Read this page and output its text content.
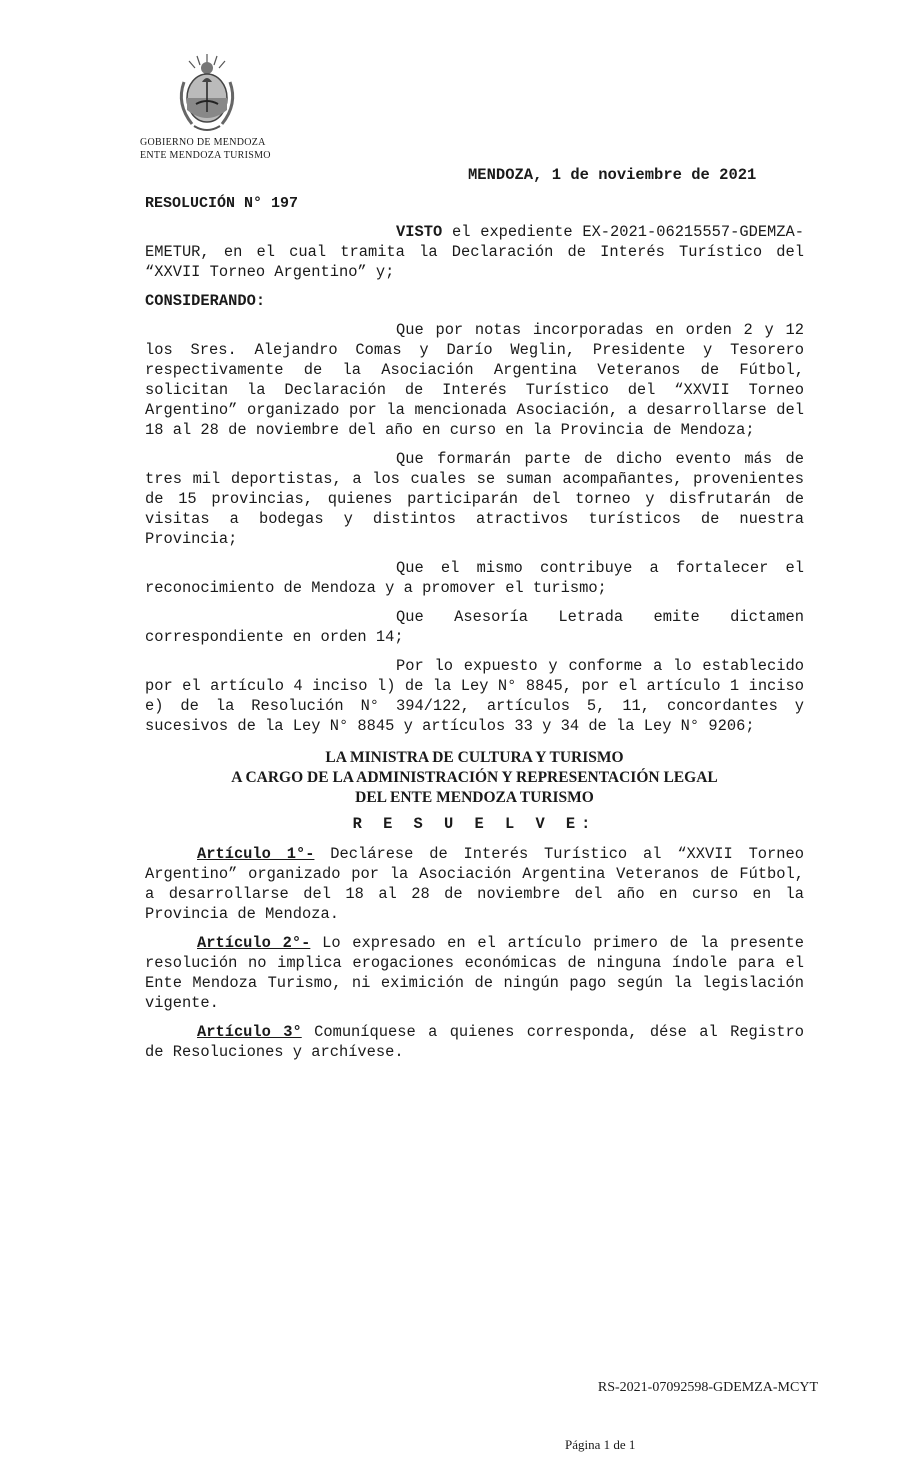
GOBIERNO DE MENDOZA
ENTE MENDOZA TURISMO
MENDOZA, 1 de noviembre de 2021
RESOLUCIÓN N° 197

VISTO el expediente EX-2021-06215557-GDEMZA-EMETUR, en el cual tramita la Declaración de Interés Turístico del “XXVII Torneo Argentino” y;

CONSIDERANDO:

Que por notas incorporadas en orden 2 y 12 los Sres. Alejandro Comas y Darío Weglin, Presidente y Tesorero respectivamente de la Asociación Argentina Veteranos de Fútbol, solicitan la Declaración de Interés Turístico del “XXVII Torneo Argentino” organizado por la mencionada Asociación, a desarrollarse del 18 al 28 de noviembre del año en curso en la Provincia de Mendoza;

Que formarán parte de dicho evento más de tres mil deportistas, a los cuales se suman acompañantes, provenientes de 15 provincias, quienes participarán del torneo y disfrutarán de visitas a bodegas y distintos atractivos turísticos de nuestra Provincia;

Que el mismo contribuye a fortalecer el reconocimiento de Mendoza y a promover el turismo;

Que Asesoría Letrada emite dictamen correspondiente en orden 14;

Por lo expuesto y conforme a lo establecido por el artículo 4 inciso l) de la Ley N° 8845, por el artículo 1 inciso e) de la Resolución N° 394/122, artículos 5, 11, concordantes y sucesivos de la Ley N° 8845 y artículos 33 y 34 de la Ley N° 9206;

LA MINISTRA DE CULTURA Y TURISMO
A CARGO DE LA ADMINISTRACIÓN Y REPRESENTACIÓN LEGAL
DEL ENTE MENDOZA TURISMO
R E S U E L V E:

Artículo 1°- Declárese de Interés Turístico al “XXVII Torneo Argentino” organizado por la Asociación Argentina Veteranos de Fútbol, a desarrollarse del 18 al 28 de noviembre del año en curso en la Provincia de Mendoza.

Artículo 2°- Lo expresado en el artículo primero de la presente resolución no implica erogaciones económicas de ninguna índole para el Ente Mendoza Turismo, ni eximición de ningún pago según la legislación vigente.

Artículo 3° Comuníquese a quienes corresponda, dése al Registro de Resoluciones y archívese.

RS-2021-07092598-GDEMZA-MCYT
Página 1 de 1
